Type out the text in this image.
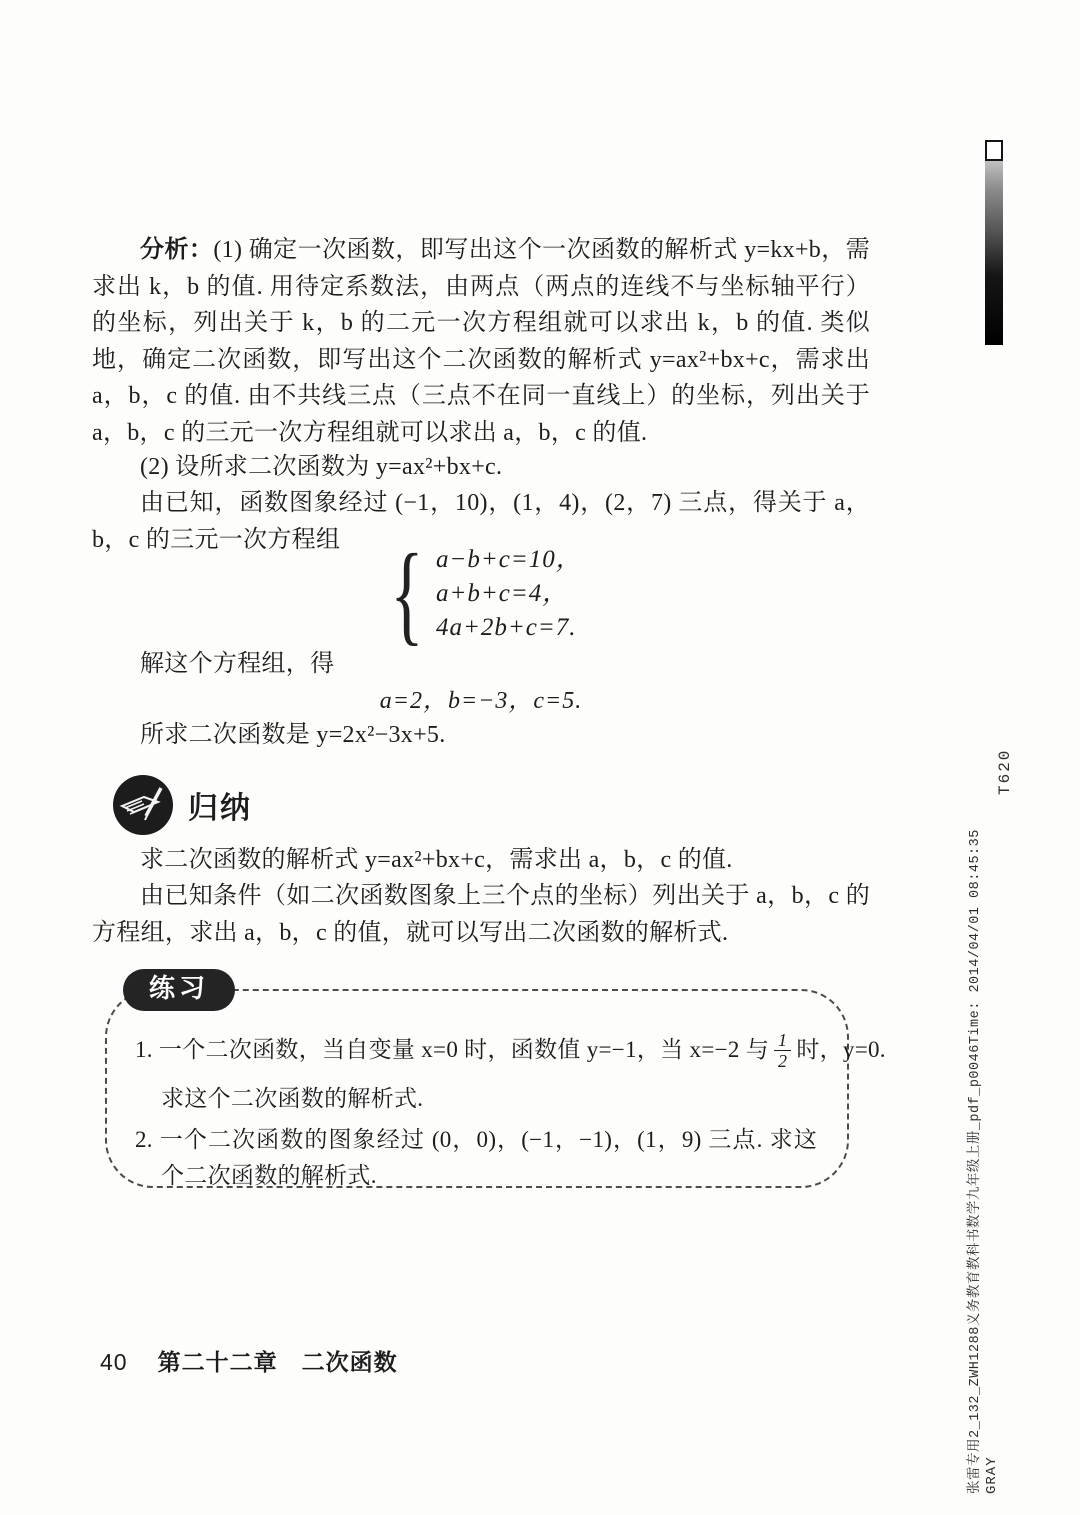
分析：(1) 确定一次函数，即写出这个一次函数的解析式 y=kx+b，需求出 k，b 的值. 用待定系数法，由两点（两点的连线不与坐标轴平行）的坐标，列出关于 k，b 的二元一次方程组就可以求出 k，b 的值. 类似地，确定二次函数，即写出这个二次函数的解析式 y=ax²+bx+c，需求出 a，b，c 的值. 由不共线三点（三点不在同一直线上）的坐标，列出关于 a，b，c 的三元一次方程组就可以求出 a，b，c 的值.

(2) 设所求二次函数为 y=ax²+bx+c.

由已知，函数图象经过 (−1，10)，(1，4)，(2，7) 三点，得关于 a，b，c 的三元一次方程组 { a−b+c=10，
a+b+c=4，
4a+2b+c=7.

解这个方程组，得

a=2，b=−3，c=5.

所求二次函数是 y=2x²−3x+5.

归纳

求二次函数的解析式 y=ax²+bx+c，需求出 a，b，c 的值.

由已知条件（如二次函数图象上三个点的坐标）列出关于 a，b，c 的方程组，求出 a，b，c 的值，就可以写出二次函数的解析式.

练习
1. 一个二次函数，当自变量 x=0 时，函数值 y=−1，当 x=−2 与 $\frac{1}{2}$ 时，y=0.

求这个二次函数的解析式.

2. 一个二次函数的图象经过 (0，0)，(−1，−1)，(1，9) 三点. 求这个二次函数的解析式.

40 第二十二章　二次函数
T620
张雷专用2_132_ZWH1288义务教育教科书数学九年级上册_pdf_p0046Time: 2014/04/01 08:45:35 GRAY
